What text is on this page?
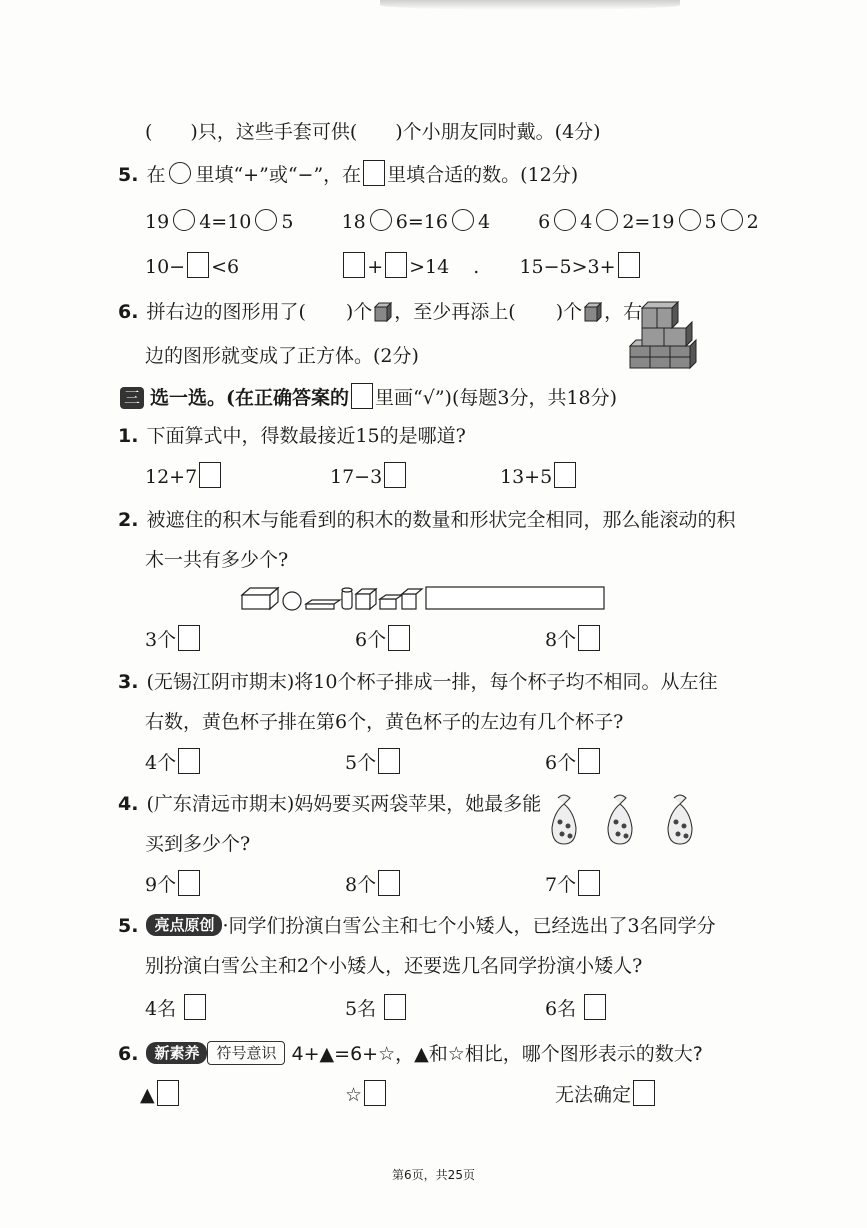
( )只，这些手套可供( )个小朋友同时戴。(4分)
5. 在 里填“+”或“−”，在 里填合适的数。(12分)
19 4=10 5	18 6=16 4	6 4 2=19 5 2
10− <6	+ >14 . 15−5>3+
6. 拼右边的图形用了( )个 ，至少再添上( )个 ，右
边的图形就变成了正方体。(2分)
三 选一选。(在正确答案的 里画“√”)(每题3分，共18分)
1. 下面算式中，得数最接近15的是哪道?
12+7	17−3	13+5
2. 被遮住的积木与能看到的积木的数量和形状完全相同，那么能滚动的积
木一共有多少个?
3个	6个	8个
3. (无锡江阴市期末)将10个杯子排成一排，每个杯子均不相同。从左往
右数，黄色杯子排在第6个，黄色杯子的左边有几个杯子?
4个	5个	6个
4. (广东清远市期末)妈妈要买两袋苹果，她最多能
买到多少个?
9个	8个	7个
5. 亮点原创 ·同学们扮演白雪公主和七个小矮人，已经选出了3名同学分
别扮演白雪公主和2个小矮人，还要选几名同学扮演小矮人?
4名	5名	6名
6. 新素养 符号意识 4+▲=6+☆，▲和☆相比，哪个图形表示的数大?
▲	☆	无法确定
第6页，共25页
